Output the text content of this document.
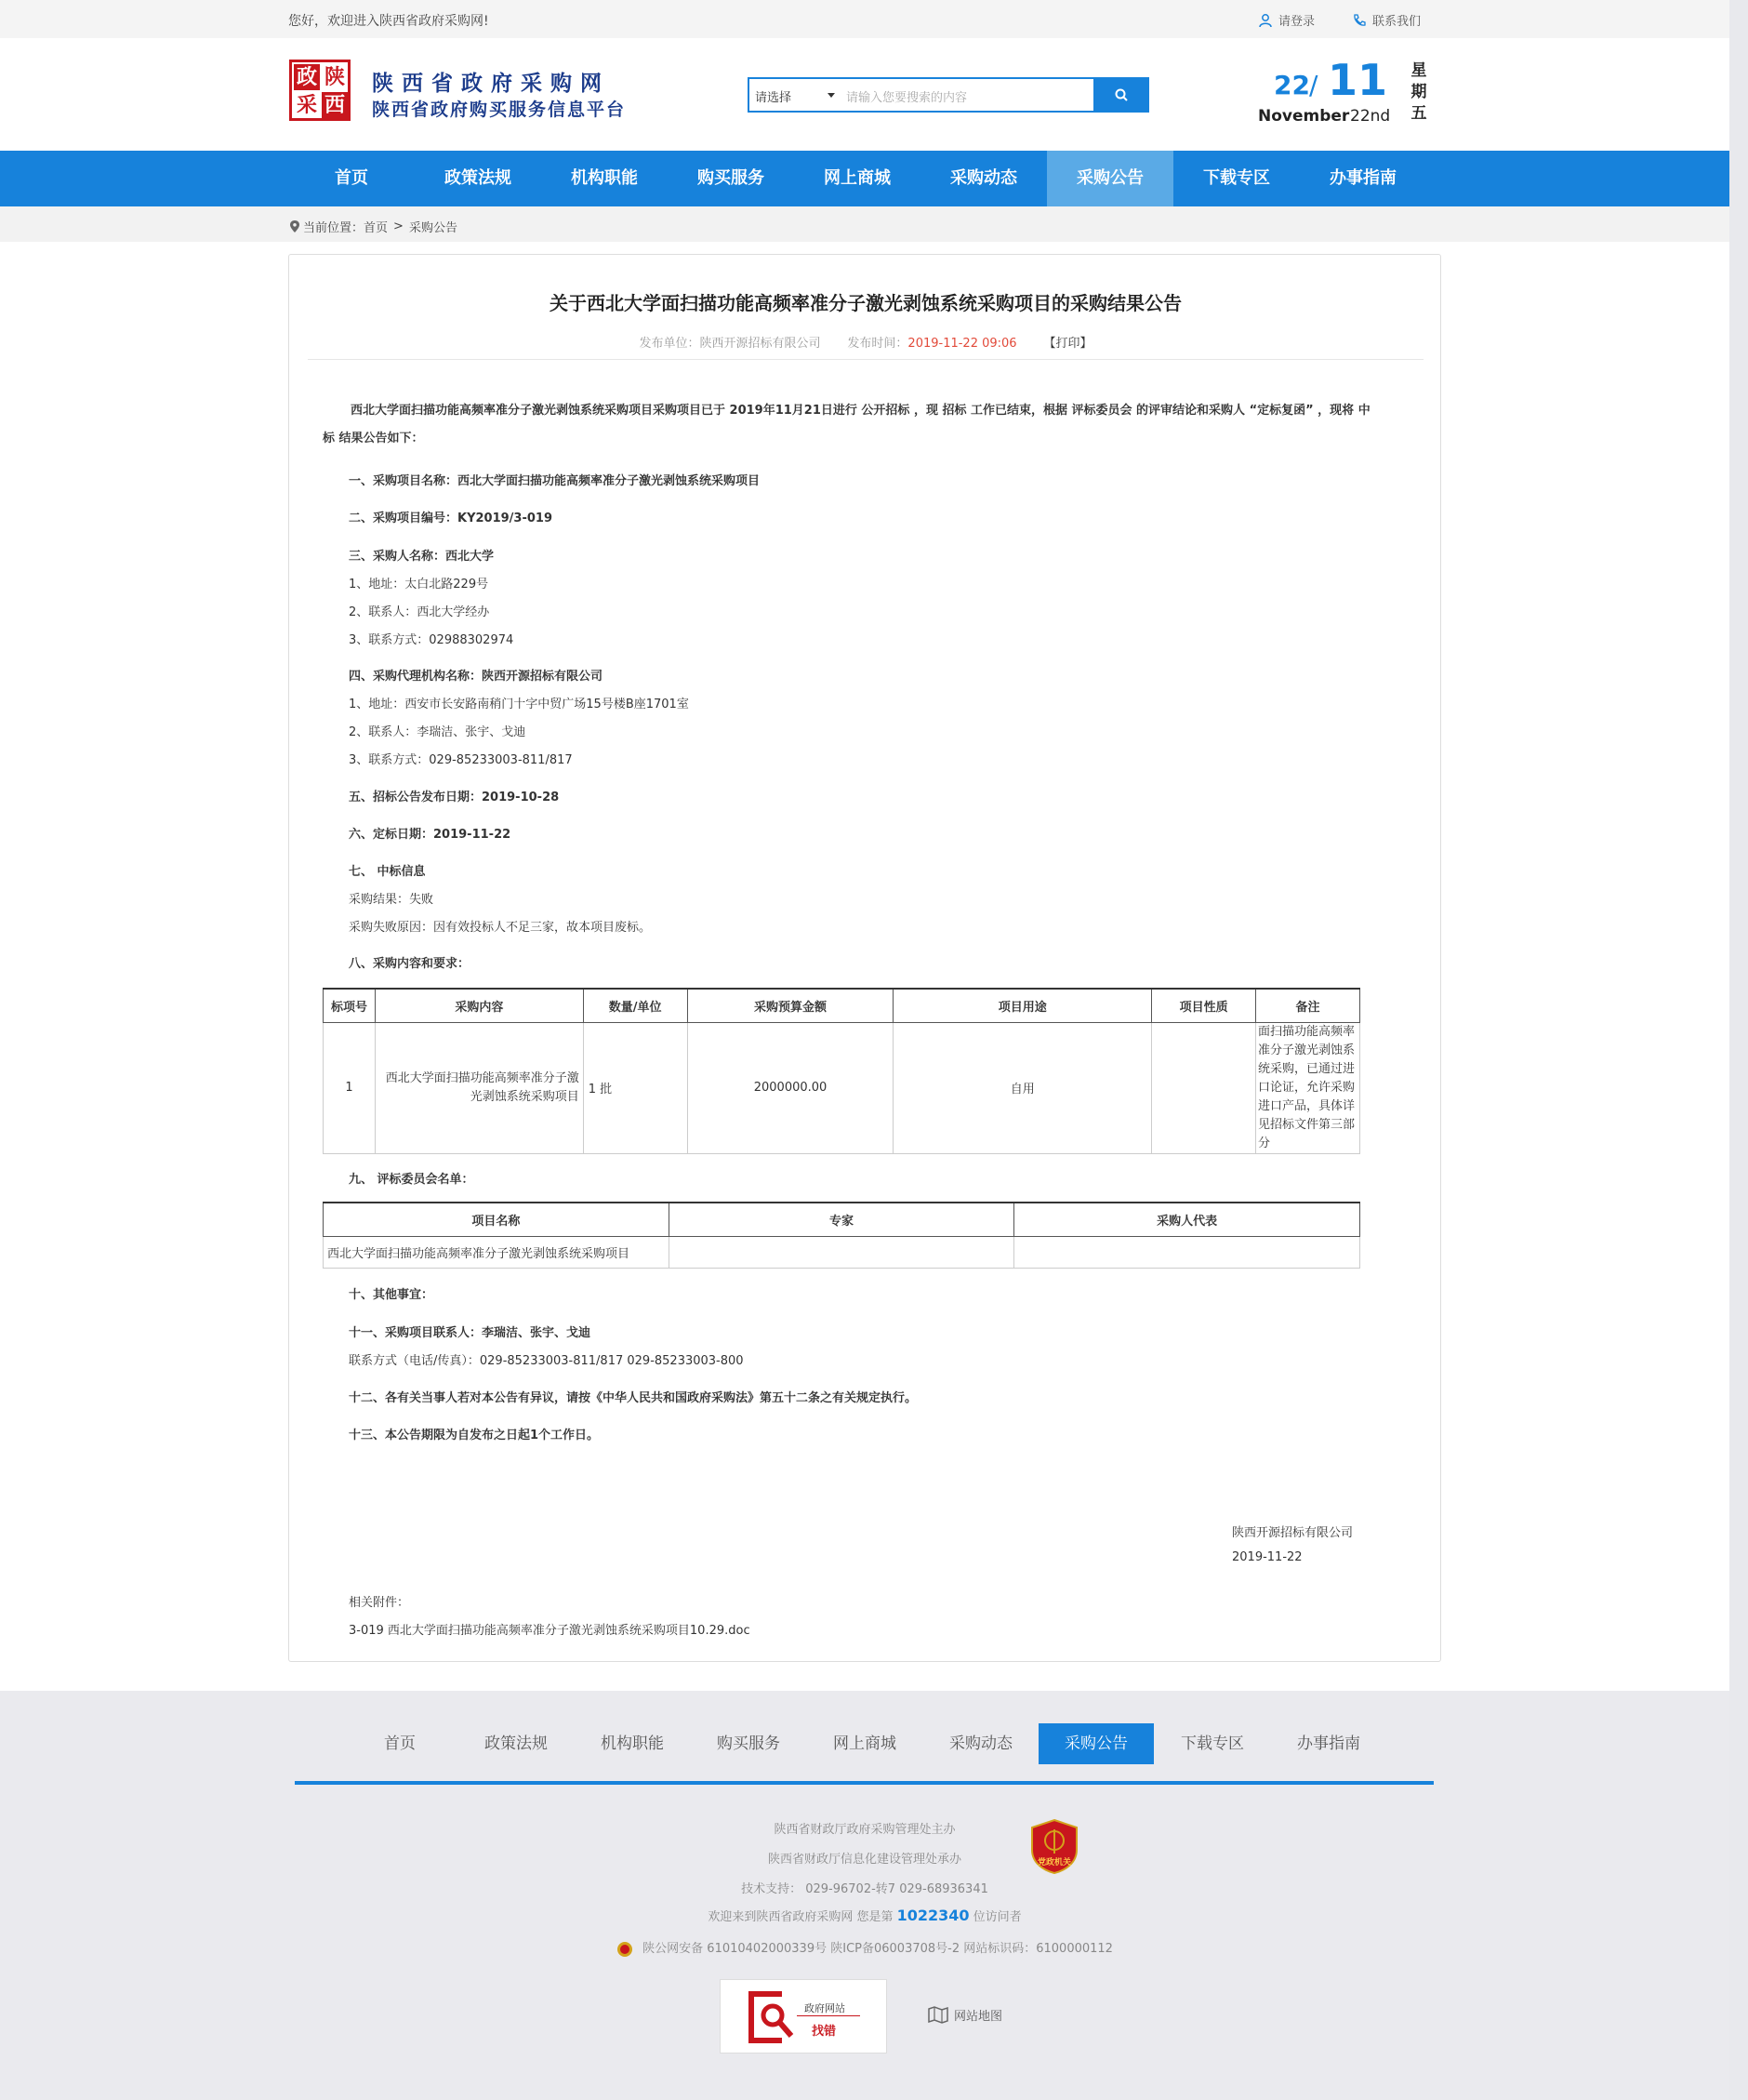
您好，欢迎进入陕西省政府采购网!	请登录	联系我们
政 陕
采 西
陕西省政府采购网
陕西省政府购买服务信息平台
请选择	请输入您要搜索的内容	22 / 11
November 22nd
星
期
五
首页	政策法规	机构职能	购买服务	网上商城	采购动态	采购公告	下载专区	办事指南
当前位置： 首页 > 采购公告
关于西北大学面扫描功能高频率准分子激光剥蚀系统采购项目的采购结果公告
发布单位：陕西开源招标有限公司 发布时间：2019-11-22 09:06 【打印】
西北大学面扫描功能高频率准分子激光剥蚀系统采购项目采购项目已于 2019年11月21日进行 公开招标 ，现 招标 工作已结束，根据 评标委员会 的评审结论和采购人 “定标复函” ，现将 中标 结果公告如下：
一、采购项目名称：西北大学面扫描功能高频率准分子激光剥蚀系统采购项目
二、采购项目编号：KY2019/3-019
三、采购人名称：西北大学
1、地址：太白北路229号
2、联系人：西北大学经办
3、联系方式：02988302974
四、采购代理机构名称：陕西开源招标有限公司
1、地址：西安市长安路南稍门十字中贸广场15号楼B座1701室
2、联系人：李瑞洁、张宇、戈迪
3、联系方式：029-85233003-811/817
五、招标公告发布日期：2019-10-28
六、定标日期：2019-11-22
七、 中标信息
采购结果：失败
采购失败原因：因有效投标人不足三家，故本项目废标。
八、采购内容和要求：
标项号	采购内容	数量/单位	采购预算金额	项目用途	项目性质	备注
1	西北大学面扫描功能高频率准分子激光剥蚀系统采购项目	1 批	2000000.00	自用		面扫描功能高频率准分子激光剥蚀系统采购，已通过进口论证，允许采购进口产品，具体详见招标文件第三部分
九、 评标委员会名单：
项目名称	专家	采购人代表
西北大学面扫描功能高频率准分子激光剥蚀系统采购项目		
十、其他事宜：
十一、采购项目联系人：李瑞洁、张宇、戈迪
联系方式（电话/传真）：029-85233003-811/817 029-85233003-800
十二、各有关当事人若对本公告有异议，请按《中华人民共和国政府采购法》第五十二条之有关规定执行。
十三、本公告期限为自发布之日起1个工作日。
陕西开源招标有限公司
2019-11-22
相关附件：
3-019 西北大学面扫描功能高频率准分子激光剥蚀系统采购项目10.29.doc
首页	政策法规	机构职能	购买服务	网上商城	采购动态	采购公告	下载专区	办事指南
陕西省财政厅政府采购管理处主办
陕西省财政厅信息化建设管理处承办
技术支持： 029-96702-转7 029-68936341
欢迎来到陕西省政府采购网 您是第 1022340 位访问者
陕公网安备 61010402000339号 陕ICP备06003708号-2 网站标识码：6100000112
党政机关
政府网站
找错
网站地图
